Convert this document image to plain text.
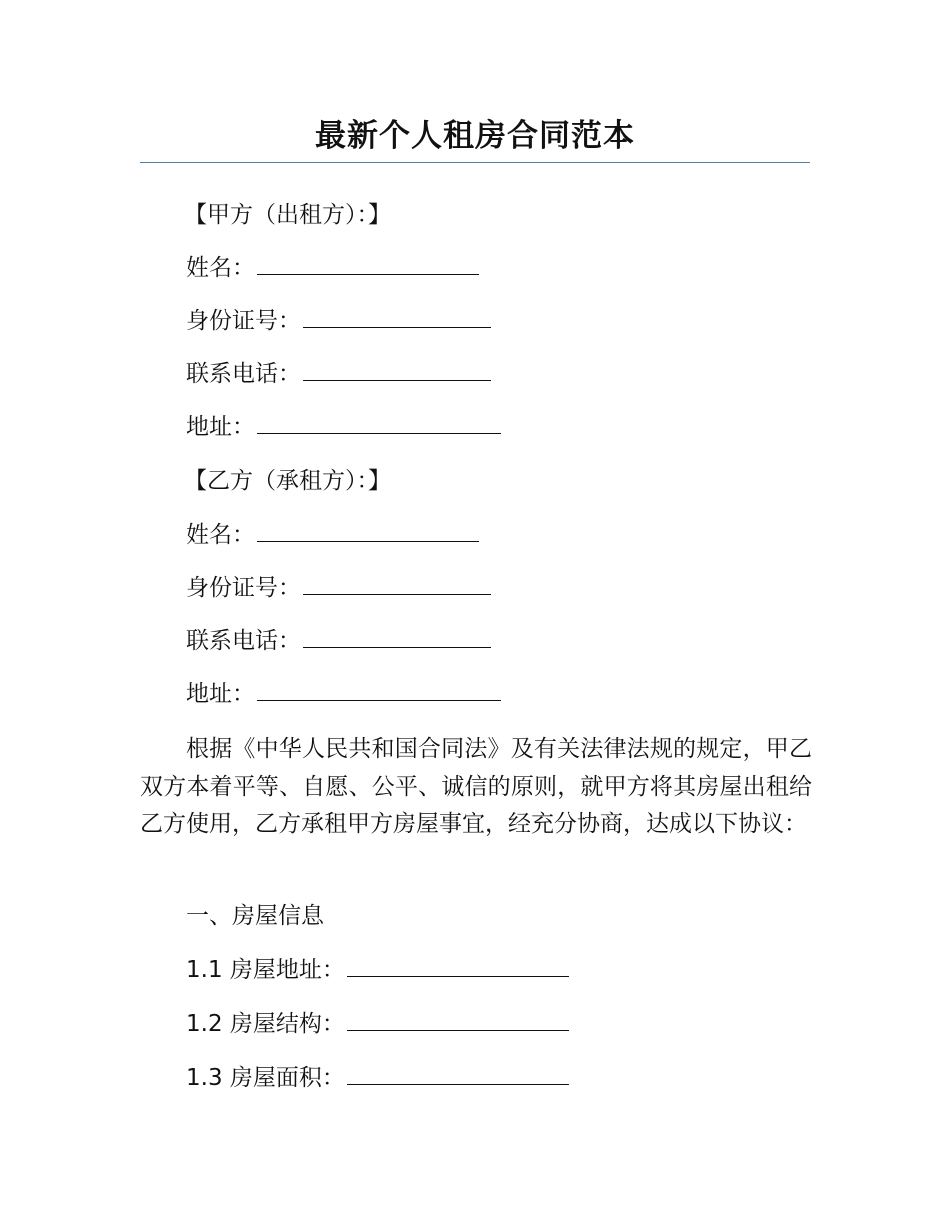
最新个人租房合同范本
【甲方（出租方）：】
姓名：
身份证号：
联系电话：
地址：
【乙方（承租方）：】
姓名：
身份证号：
联系电话：
地址：

根据《中华人民共和国合同法》及有关法律法规的规定，甲乙双方本着平等、自愿、公平、诚信的原则，就甲方将其房屋出租给乙方使用，乙方承租甲方房屋事宜，经充分协商，达成以下协议：

一、房屋信息
1.1 房屋地址：
1.2 房屋结构：
1.3 房屋面积：
